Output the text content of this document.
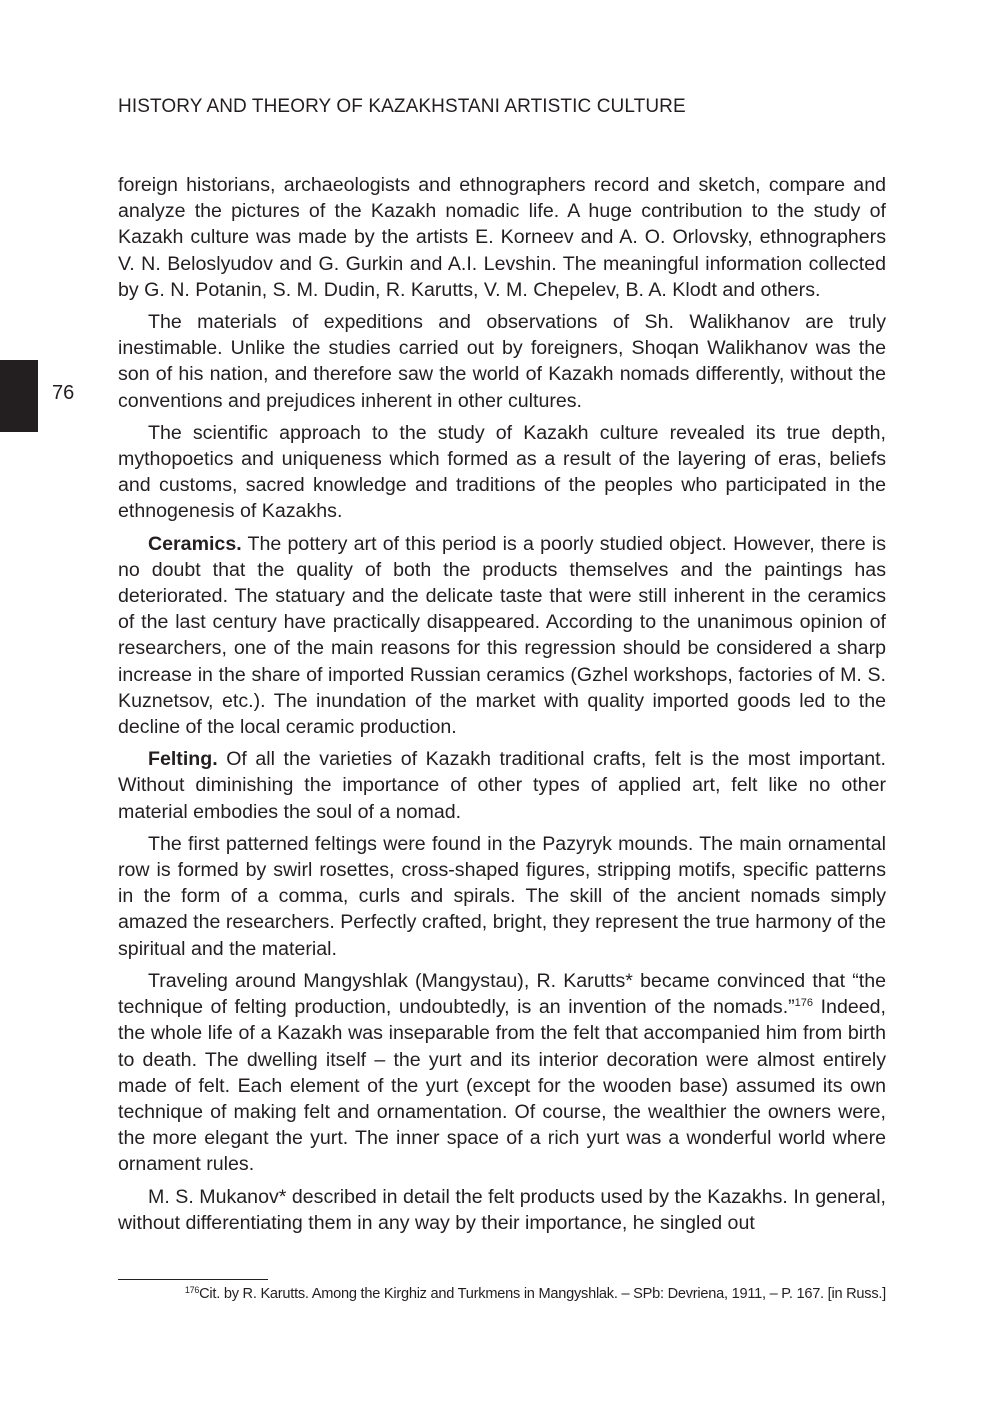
HISTORY AND THEORY OF KAZAKHSTANI ARTISTIC CULTURE
76

foreign historians, archaeologists and ethnographers record and sketch, compare and analyze the pictures of the Kazakh nomadic life. A huge contribution to the study of Kazakh culture was made by the artists E. Korneev and A. O. Orlovsky, ethnographers V. N. Beloslyudov and G. Gurkin and A.I. Levshin. The meaningful information collected by G. N. Potanin, S. M. Dudin, R. Karutts, V. M. Chepelev, B. A. Klodt and others.

The materials of expeditions and observations of Sh. Walikhanov are truly inestimable. Unlike the studies carried out by foreigners, Shoqan Walikhanov was the son of his nation, and therefore saw the world of Kazakh nomads differently, without the conventions and prejudices inherent in other cultures.

The scientific approach to the study of Kazakh culture revealed its true depth, mythopoetics and uniqueness which formed as a result of the layering of eras, beliefs and customs, sacred knowledge and traditions of the peoples who participated in the ethnogenesis of Kazakhs.

Ceramics. The pottery art of this period is a poorly studied object. However, there is no doubt that the quality of both the products themselves and the paintings has deteriorated. The statuary and the delicate taste that were still inherent in the ceramics of the last century have practically disappeared. According to the unanimous opinion of researchers, one of the main reasons for this regression should be considered a sharp increase in the share of imported Russian ceramics (Gzhel workshops, factories of M. S. Kuznetsov, etc.). The inundation of the market with quality imported goods led to the decline of the local ceramic production.

Felting. Of all the varieties of Kazakh traditional crafts, felt is the most important. Without diminishing the importance of other types of applied art, felt like no other material embodies the soul of a nomad.

The first patterned feltings were found in the Pazyryk mounds. The main ornamental row is formed by swirl rosettes, cross-shaped figures, stripping motifs, specific patterns in the form of a comma, curls and spirals. The skill of the ancient nomads simply amazed the researchers. Perfectly crafted, bright, they represent the true harmony of the spiritual and the material.

Traveling around Mangyshlak (Mangystau), R. Karutts* became convinced that “the technique of felting production, undoubtedly, is an invention of the nomads.”$^{176}$ Indeed, the whole life of a Kazakh was inseparable from the felt that accompanied him from birth to death. The dwelling itself – the yurt and its interior decoration were almost entirely made of felt. Each element of the yurt (except for the wooden base) assumed its own technique of making felt and ornamentation. Of course, the wealthier the owners were, the more elegant the yurt. The inner space of a rich yurt was a wonderful world where ornament rules.

M. S. Mukanov* described in detail the felt products used by the Kazakhs. In general, without differentiating them in any way by their importance, he singled out

$^{176}$Cit. by R. Karutts. Among the Kirghiz and Turkmens in Mangyshlak. – SPb: Devriena, 1911, – P. 167. [in Russ.]
